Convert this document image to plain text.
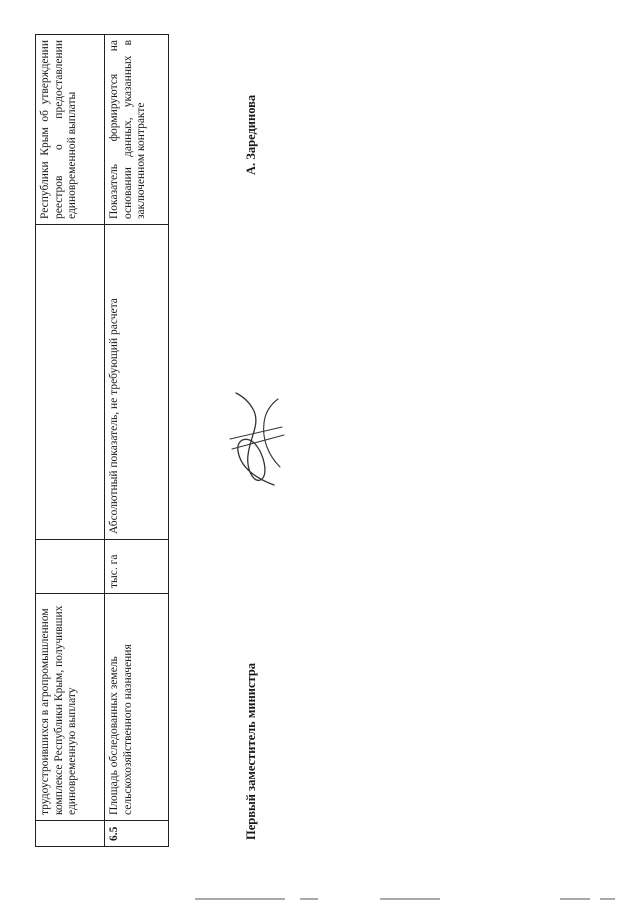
	трудоустроившихся в агропромышленном комплексе Республики Крым, получивших единовременную выплату			Республики Крым об утверждении реестров о предоставлении единовременной выплаты
6.5	Площадь обследованных земель сельскохозяйственного назначения	тыс. га	Абсолютный показатель, не требующий расчета	Показатель формируются на основании данных, указанных в заключенном контракте
Первый заместитель министра
А. Зарединова
